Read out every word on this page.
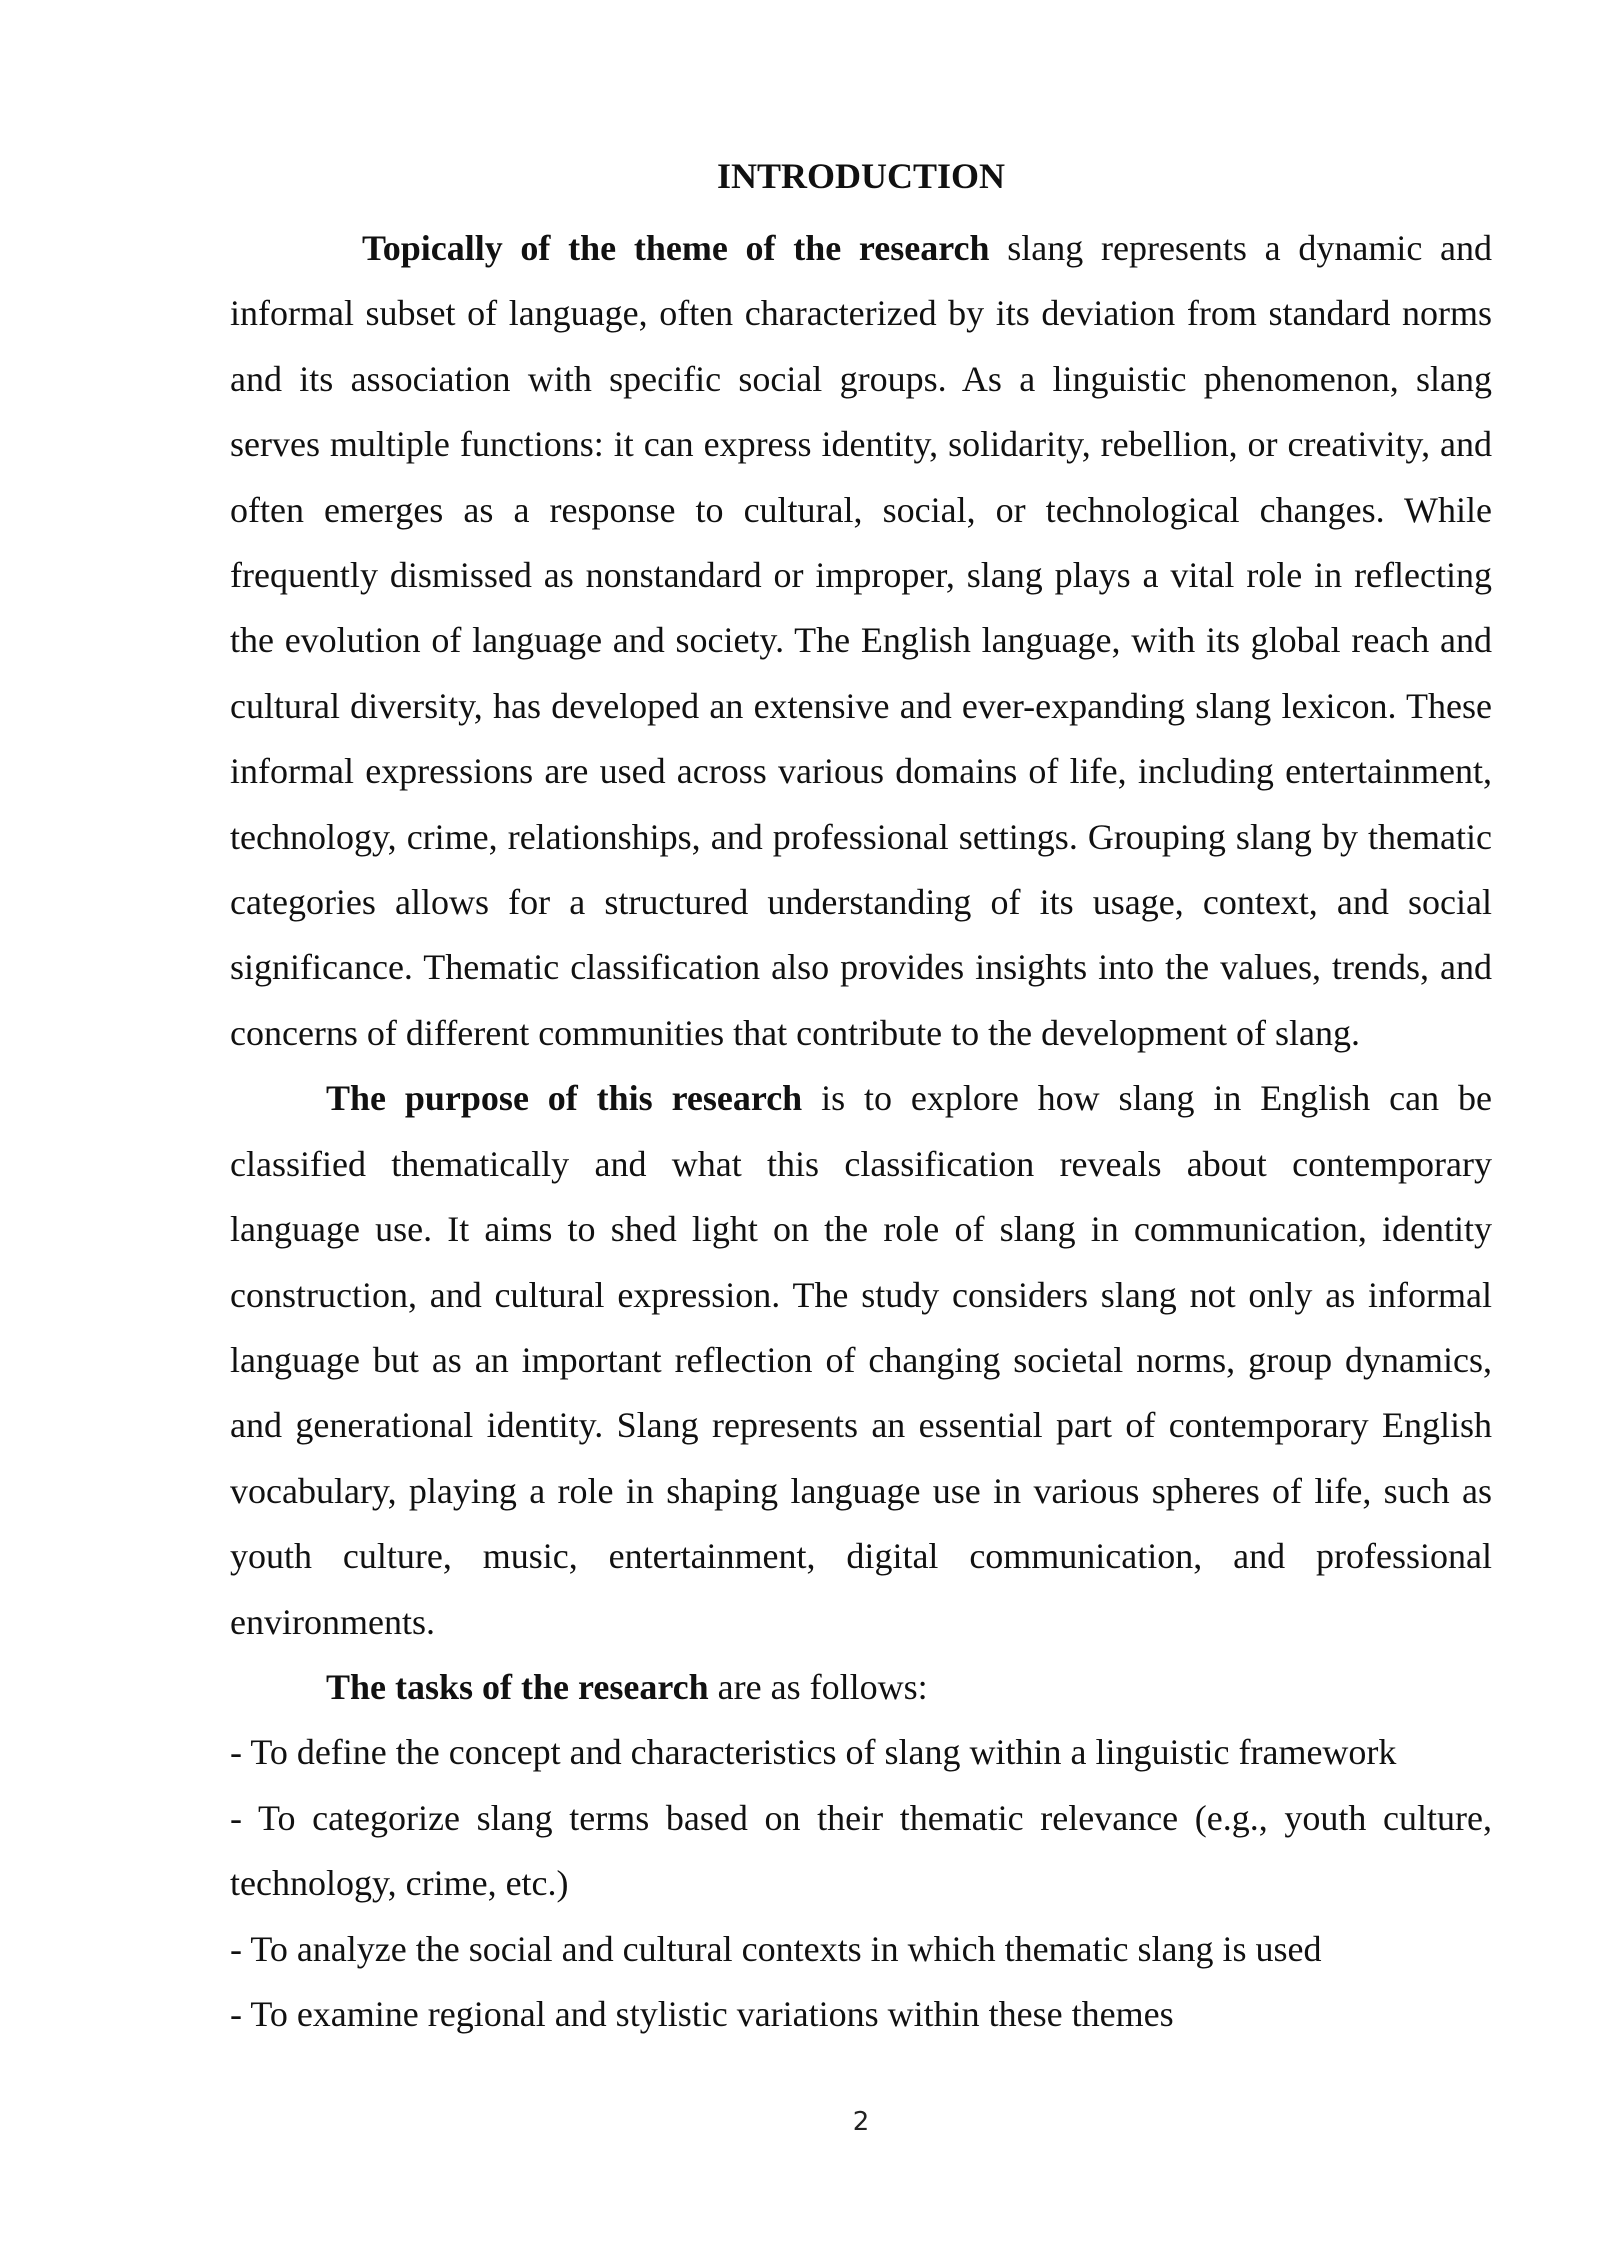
INTRODUCTION

Topically of the theme of the research slang represents a dynamic and informal subset of language, often characterized by its deviation from standard norms and its association with specific social groups. As a linguistic phenomenon, slang serves multiple functions: it can express identity, solidarity, rebellion, or creativity, and often emerges as a response to cultural, social, or technological changes. While frequently dismissed as nonstandard or improper, slang plays a vital role in reflecting the evolution of language and society. The English language, with its global reach and cultural diversity, has developed an extensive and ever-expanding slang lexicon. These informal expressions are used across various domains of life, including entertainment, technology, crime, relationships, and professional settings. Grouping slang by thematic categories allows for a structured understanding of its usage, context, and social significance. Thematic classification also provides insights into the values, trends, and concerns of different communities that contribute to the development of slang.

The purpose of this research is to explore how slang in English can be classified thematically and what this classification reveals about contemporary language use. It aims to shed light on the role of slang in communication, identity construction, and cultural expression. The study considers slang not only as informal language but as an important reflection of changing societal norms, group dynamics, and generational identity. Slang represents an essential part of contemporary English vocabulary, playing a role in shaping language use in various spheres of life, such as youth culture, music, entertainment, digital communication, and professional environments.

The tasks of the research are as follows:

- To define the concept and characteristics of slang within a linguistic framework

- To categorize slang terms based on their thematic relevance (e.g., youth culture, technology, crime, etc.)

- To analyze the social and cultural contexts in which thematic slang is used

- To examine regional and stylistic variations within these themes

2
